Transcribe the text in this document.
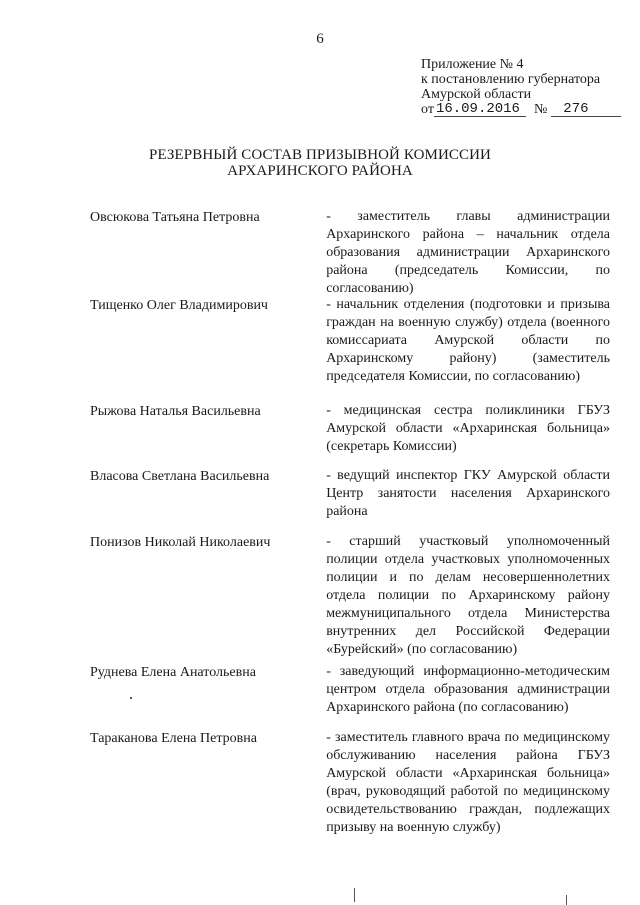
6
Приложение № 4
к постановлению губернатора
Амурской области
от 16.09.2016 №	276
РЕЗЕРВНЫЙ СОСТАВ ПРИЗЫВНОЙ КОМИССИИ
АРХАРИНСКОГО РАЙОНА
Овсюкова Татьяна Петровна	- заместитель главы администрации Архаринского района – начальник отдела образования администрации Архаринского района (председатель Комиссии, по согласованию)
Тищенко Олег Владимирович	- начальник отделения (подготовки и призыва граждан на военную службу) отдела (военного комиссариата Амурской области по Архаринскому району) (заместитель председателя Комиссии, по согласованию)
Рыжова Наталья Васильевна	- медицинская сестра поликлиники ГБУЗ Амурской области «Архаринская больница» (секретарь Комиссии)
Власова Светлана Васильевна	- ведущий инспектор ГКУ Амурской области Центр занятости населения Архаринского района
Понизов Николай Николаевич	- старший участковый уполномоченный полиции отдела участковых уполномоченных полиции и по делам несовершеннолетних отдела полиции по Архаринскому району межмуниципального отдела Министерства внутренних дел Российской Федерации «Бурейский» (по согласованию)
Руднева Елена Анатольевна	- заведующий информационно-методическим центром отдела образования администрации Архаринского района (по согласованию)
Тараканова Елена Петровна	- заместитель главного врача по медицинскому обслуживанию населения района ГБУЗ Амурской области «Архаринская больница» (врач, руководящий работой по медицинскому освидетельствованию граждан, подлежащих призыву на военную службу)
